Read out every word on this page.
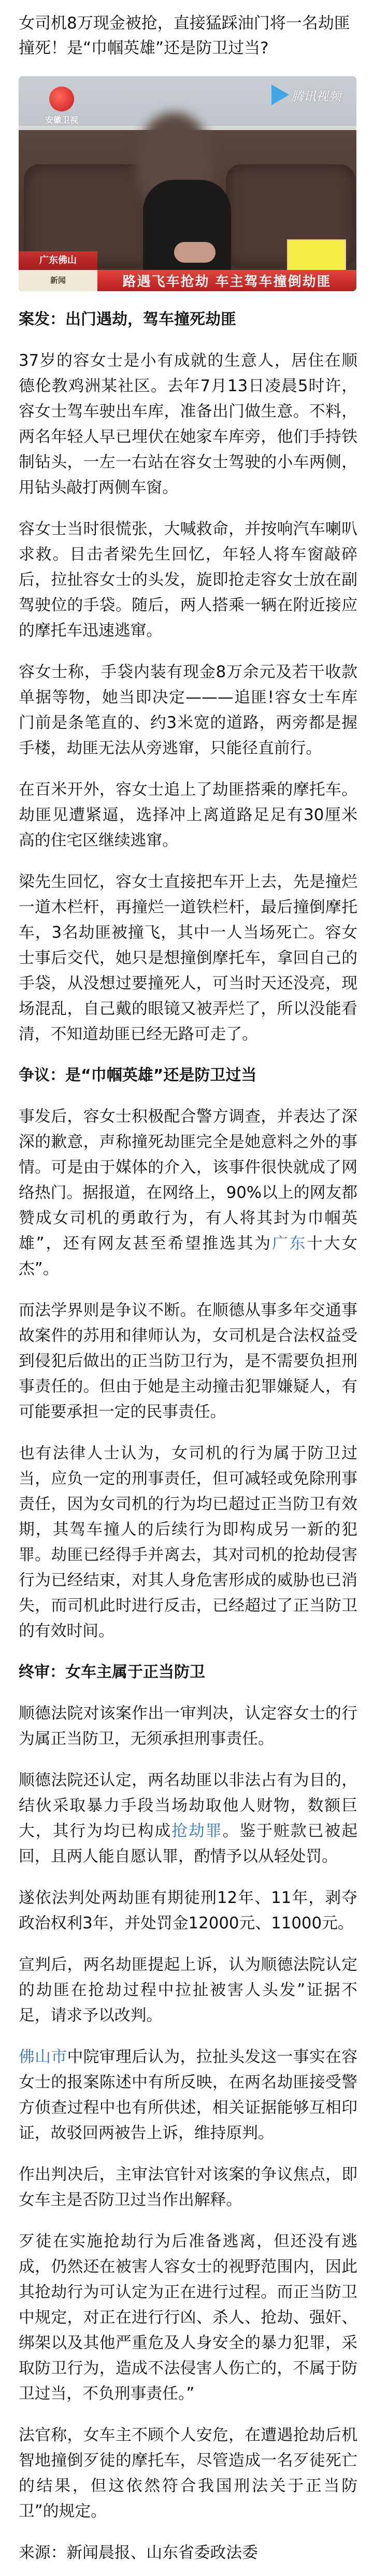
女司机8万现金被抢，直接猛踩油门将一名劫匪撞死！是“巾帼英雄”还是防卫过当?
安徽卫视
腾讯视频
广东佛山
新闻	路遇飞车抢劫 车主驾车撞倒劫匪
案发：出门遇劫，驾车撞死劫匪

37岁的容女士是小有成就的生意人，居住在顺德伦教鸡洲某社区。去年7月13日凌晨5时许，容女士驾车驶出车库，准备出门做生意。不料，两名年轻人早已埋伏在她家车库旁，他们手持铁制钻头，一左一右站在容女士驾驶的小车两侧，用钻头敲打两侧车窗。

容女士当时很慌张，大喊救命，并按响汽车喇叭求救。目击者梁先生回忆，年轻人将车窗敲碎后，拉扯容女士的头发，旋即抢走容女士放在副驾驶位的手袋。随后，两人搭乘一辆在附近接应的摩托车迅速逃窜。

容女士称，手袋内装有现金8万余元及若干收款单据等物，她当即决定———追匪!容女士车库门前是条笔直的、约3米宽的道路，两旁都是握手楼，劫匪无法从旁逃窜，只能径直前行。

在百米开外，容女士追上了劫匪搭乘的摩托车。劫匪见遭紧逼，选择冲上离道路足足有30厘米高的住宅区继续逃窜。

梁先生回忆，容女士直接把车开上去，先是撞烂一道木栏杆，再撞烂一道铁栏杆，最后撞倒摩托车，3名劫匪被撞飞，其中一人当场死亡。容女士事后交代，她只是想撞倒摩托车，拿回自己的手袋，从没想过要撞死人，可当时天还没亮，现场混乱，自己戴的眼镜又被弄烂了，所以没能看清，不知道劫匪已经无路可走了。

争议：是“巾帼英雄”还是防卫过当

事发后，容女士积极配合警方调查，并表达了深深的歉意，声称撞死劫匪完全是她意料之外的事情。可是由于媒体的介入，该事件很快就成了网络热门。据报道，在网络上，90%以上的网友都赞成女司机的勇敢行为，有人将其封为巾帼英雄”，还有网友甚至希望推选其为广东十大女杰”。

而法学界则是争议不断。在顺德从事多年交通事故案件的苏用和律师认为，女司机是合法权益受到侵犯后做出的正当防卫行为，是不需要负担刑事责任的。但由于她是主动撞击犯罪嫌疑人，有可能要承担一定的民事责任。

也有法律人士认为，女司机的行为属于防卫过当，应负一定的刑事责任，但可减轻或免除刑事责任，因为女司机的行为均已超过正当防卫有效期，其驾车撞人的后续行为即构成另一新的犯罪。劫匪已经得手并离去，其对司机的抢劫侵害行为已经结束，对其人身危害形成的威胁也已消失，而司机此时进行反击，已经超过了正当防卫的有效时间。

终审：女车主属于正当防卫

顺德法院对该案作出一审判决，认定容女士的行为属正当防卫，无须承担刑事责任。

顺德法院还认定，两名劫匪以非法占有为目的，结伙采取暴力手段当场劫取他人财物，数额巨大，其行为均已构成抢劫罪。鉴于赃款已被起回，且两人能自愿认罪，酌情予以从轻处罚。

遂依法判处两劫匪有期徒刑12年、11年，剥夺政治权利3年，并处罚金12000元、11000元。

宣判后，两名劫匪提起上诉，认为顺德法院认定的劫匪在抢劫过程中拉扯被害人头发”证据不足，请求予以改判。

佛山市中院审理后认为，拉扯头发这一事实在容女士的报案陈述中有所反映，在两名劫匪接受警方侦查过程中也有所供述，相关证据能够互相印证，故驳回两被告上诉，维持原判。

作出判决后，主审法官针对该案的争议焦点，即女车主是否防卫过当作出解释。

歹徒在实施抢劫行为后准备逃离，但还没有逃成，仍然还在被害人容女士的视野范围内，因此其抢劫行为可认定为正在进行过程。而正当防卫中规定，对正在进行行凶、杀人、抢劫、强奸、绑架以及其他严重危及人身安全的暴力犯罪，采取防卫行为，造成不法侵害人伤亡的，不属于防卫过当，不负刑事责任。”

法官称，女车主不顾个人安危，在遭遇抢劫后机智地撞倒歹徒的摩托车，尽管造成一名歹徒死亡的结果，但这依然符合我国刑法关于正当防卫”的规定。

来源：新闻晨报、山东省委政法委
